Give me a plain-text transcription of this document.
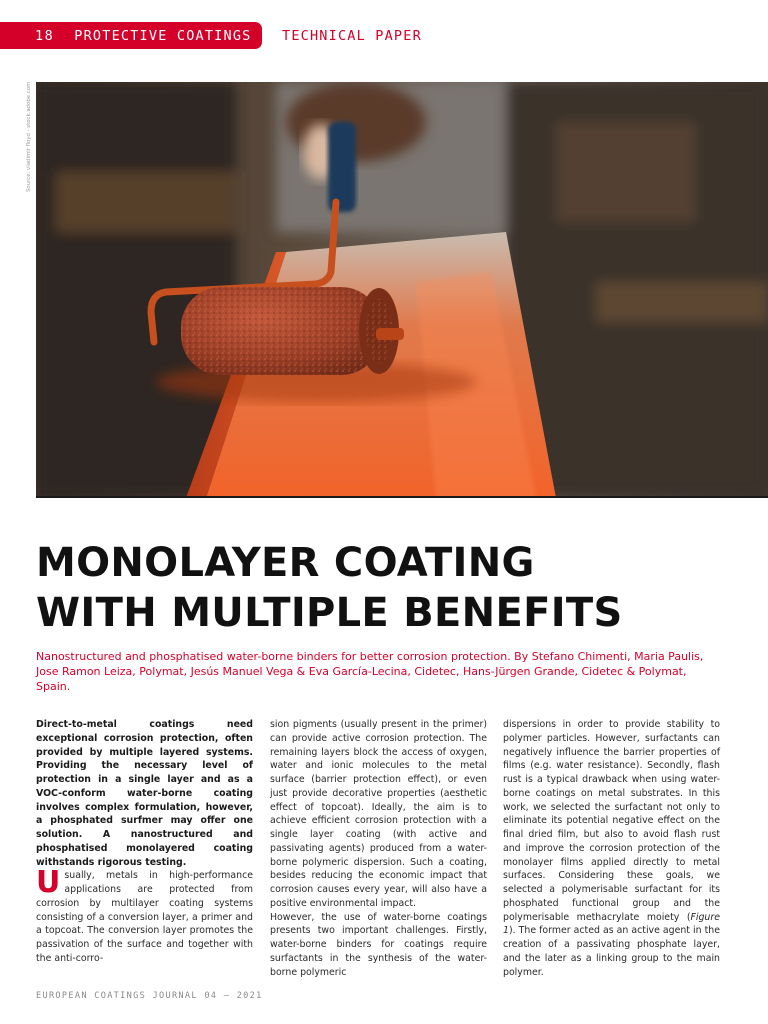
18 PROTECTIVE COATINGS TECHNICAL PAPER
Source: vladimir floyd - stock.adobe.com
MONOLAYER COATING
WITH MULTIPLE BENEFITS
Nanostructured and phosphatised water-borne binders for better corrosion protection. By Stefano Chimenti, Maria Paulis, Jose Ramon Leiza, Polymat, Jesús Manuel Vega & Eva García-Lecina, Cidetec, Hans-Jürgen Grande, Cidetec & Polymat, Spain.

Direct-to-metal coatings need exceptional corrosion protection, often provided by multiple layered systems. Providing the necessary level of protection in a single layer and as a VOC-conform water-borne coating involves complex formulation, however, a phosphated surfmer may offer one solution. A nanostructured and phosphatised monolayered coating withstands rigorous testing.

Usually, metals in high-performance applications are protected from corrosion by multilayer coating systems consisting of a conversion layer, a primer and a topcoat. The conversion layer promotes the passivation of the surface and together with the anti-corro-

sion pigments (usually present in the primer) can provide active corrosion protection. The remaining layers block the access of oxygen, water and ionic molecules to the metal surface (barrier protection effect), or even just provide decorative properties (aesthetic effect of topcoat). Ideally, the aim is to achieve efficient corrosion protection with a single layer coating (with active and passivating agents) produced from a water-borne polymeric dispersion. Such a coating, besides reducing the economic impact that corrosion causes every year, will also have a positive environmental impact.

However, the use of water-borne coatings presents two important challenges. Firstly, water-borne binders for coatings require surfactants in the synthesis of the water-borne polymeric

dispersions in order to provide stability to polymer particles. However, surfactants can negatively influence the barrier properties of films (e.g. water resistance). Secondly, flash rust is a typical drawback when using water-borne coatings on metal substrates. In this work, we selected the surfactant not only to eliminate its potential negative effect on the final dried film, but also to avoid flash rust and improve the corrosion protection of the monolayer films applied directly to metal surfaces. Considering these goals, we selected a polymerisable surfactant for its phosphated functional group and the polymerisable methacrylate moiety (Figure 1). The former acted as an active agent in the creation of a passivating phosphate layer, and the later as a linking group to the main polymer.

EUROPEAN COATINGS JOURNAL 04 – 2021
